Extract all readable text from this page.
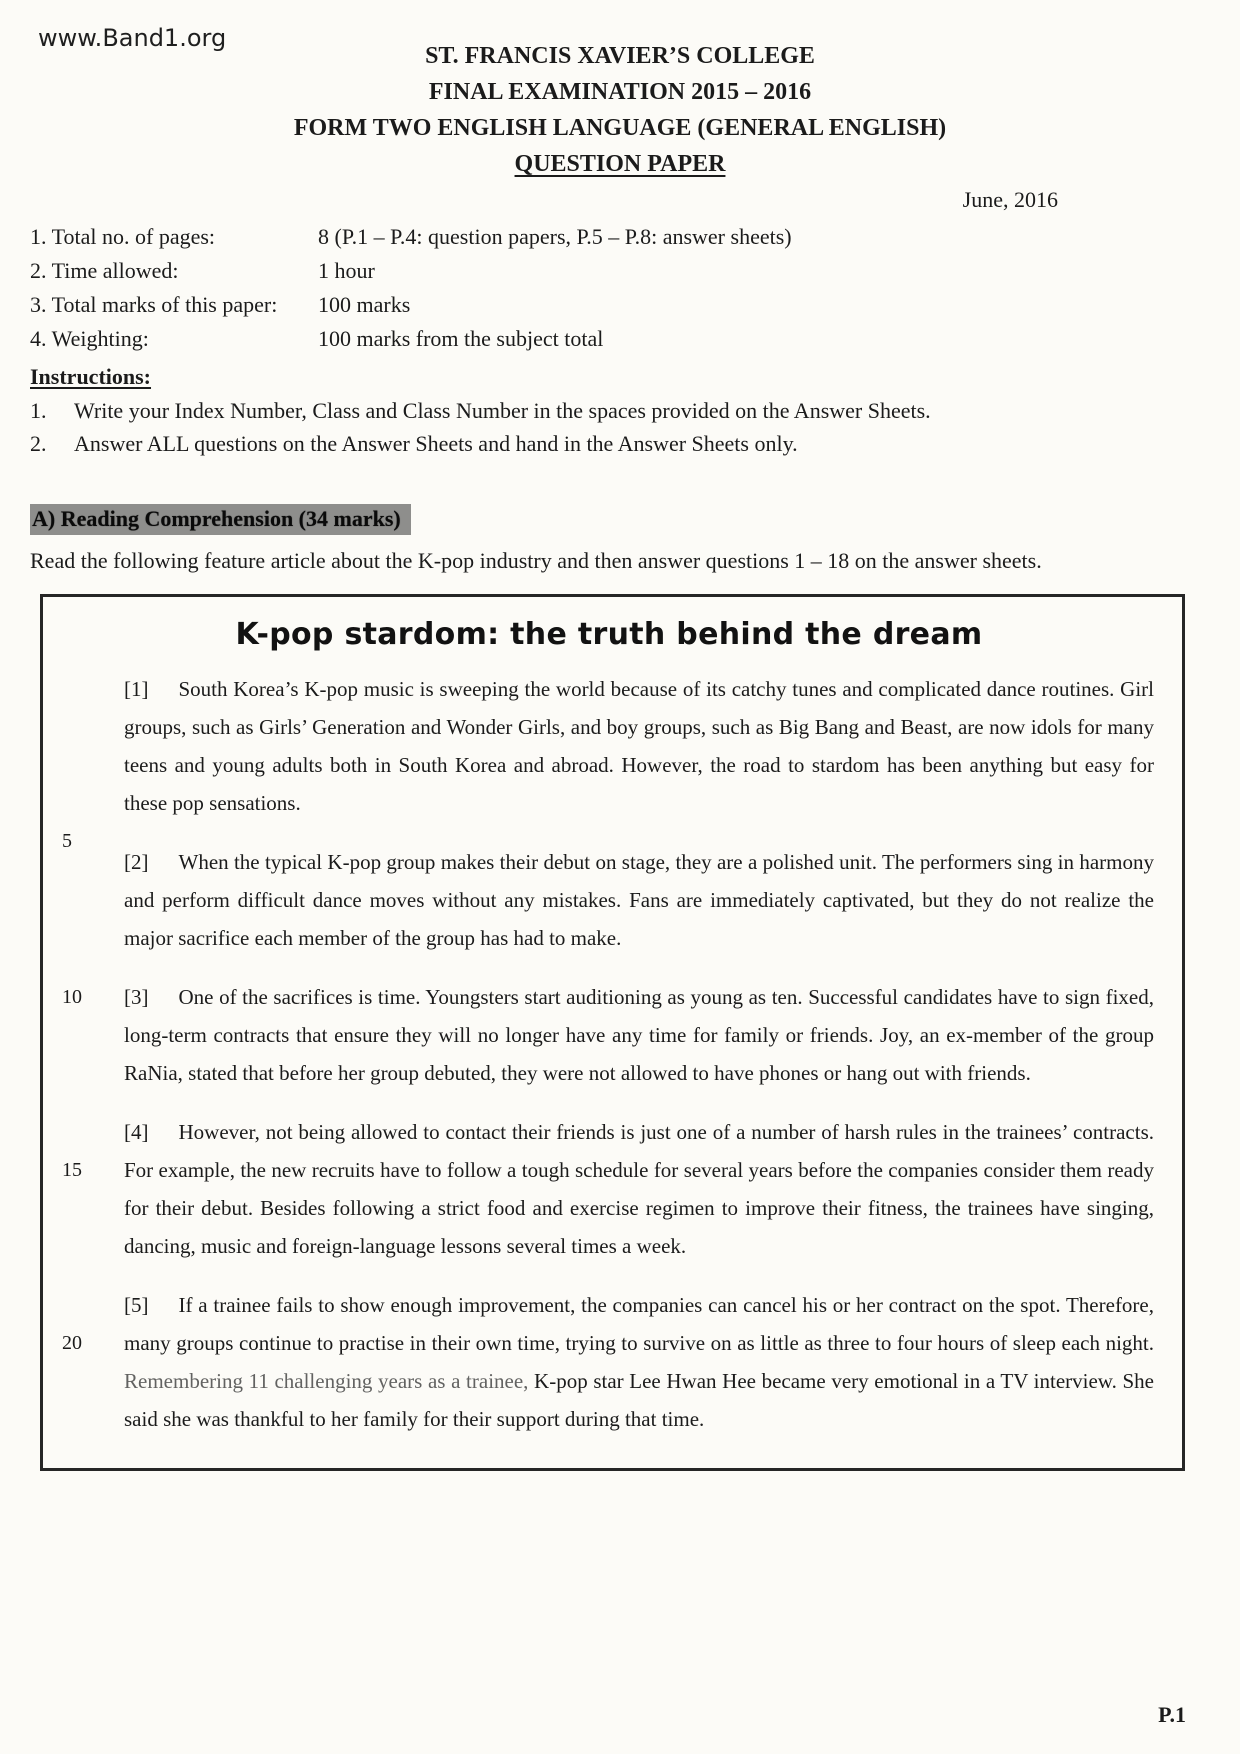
www.Band1.org
ST. FRANCIS XAVIER’S COLLEGE
FINAL EXAMINATION 2015 – 2016
FORM TWO ENGLISH LANGUAGE (GENERAL ENGLISH)
QUESTION PAPER
June, 2016
1. Total no. of pages:	8 (P.1 – P.4: question papers, P.5 – P.8: answer sheets)
2. Time allowed:	1 hour
3. Total marks of this paper:	100 marks
4. Weighting:	100 marks from the subject total
Instructions:
1.	Write your Index Number, Class and Class Number in the spaces provided on the Answer Sheets.
2.	Answer ALL questions on the Answer Sheets and hand in the Answer Sheets only.
A) Reading Comprehension (34 marks)

Read the following feature article about the K-pop industry and then answer questions 1 – 18 on the answer sheets.

K-pop stardom: the truth behind the dream
5

[1] South Korea’s K-pop music is sweeping the world because of its catchy tunes and complicated dance routines. Girl groups, such as Girls’ Generation and Wonder Girls, and boy groups, such as Big Bang and Beast, are now idols for many teens and young adults both in South Korea and abroad. However, the road to stardom has been anything but easy for these pop sensations.

[2] When the typical K-pop group makes their debut on stage, they are a polished unit. The performers sing in harmony and perform difficult dance moves without any mistakes. Fans are immediately captivated, but they do not realize the major sacrifice each member of the group has had to make.

10 [3] One of the sacrifices is time. Youngsters start auditioning as young as ten. Successful candidates have to sign fixed, long-term contracts that ensure they will no longer have any time for family or friends. Joy, an ex-member of the group RaNia, stated that before her group debuted, they were not allowed to have phones or hang out with friends.

15

[4] However, not being allowed to contact their friends is just one of a number of harsh rules in the trainees’ contracts. For example, the new recruits have to follow a tough schedule for several years before the companies consider them ready for their debut. Besides following a strict food and exercise regimen to improve their fitness, the trainees have singing, dancing, music and foreign-language lessons several times a week.

20

[5] If a trainee fails to show enough improvement, the companies can cancel his or her contract on the spot. Therefore, many groups continue to practise in their own time, trying to survive on as little as three to four hours of sleep each night. Remembering 11 challenging years as a trainee, K-pop star Lee Hwan Hee became very emotional in a TV interview. She said she was thankful to her family for their support during that time.

P.1
